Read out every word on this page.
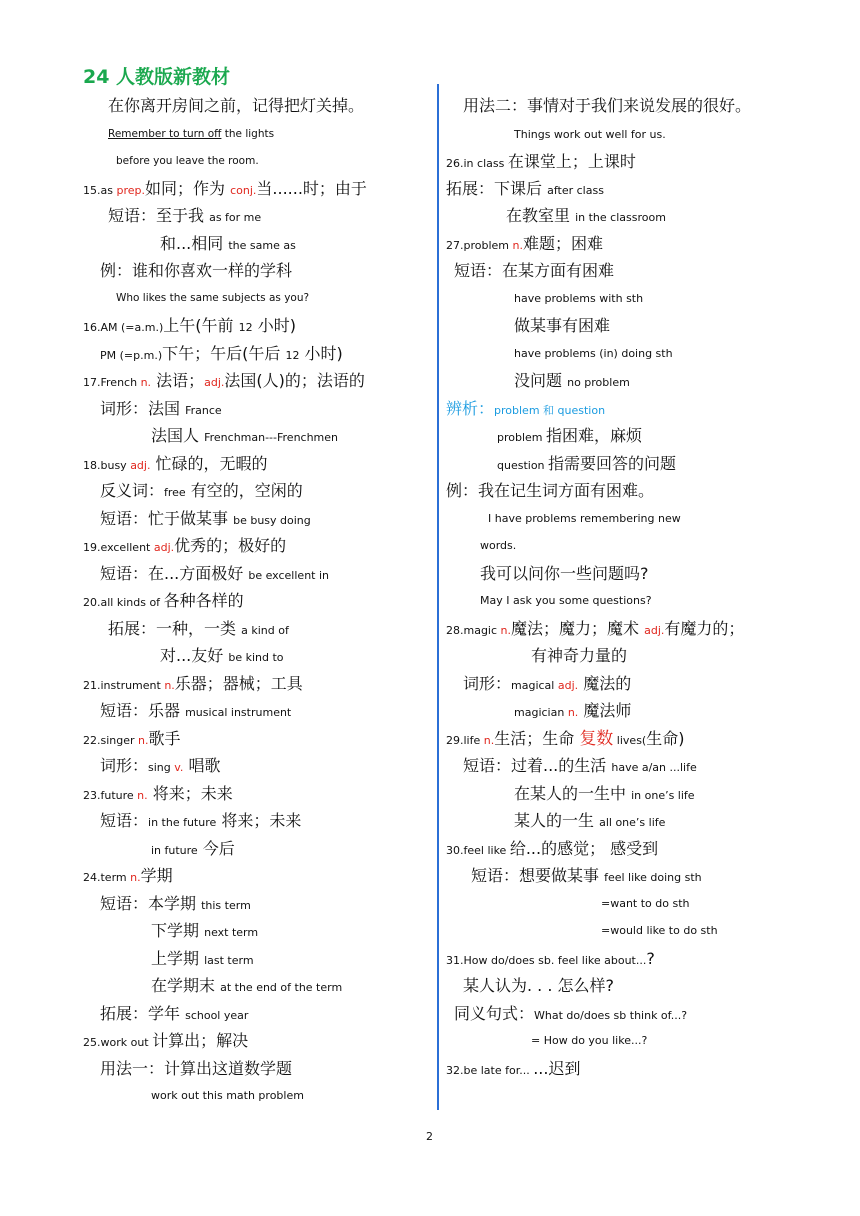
24 人教版新教材
在你离开房间之前，记得把灯关掉。
Remember to turn off the lights
before you leave the room.
15.as prep.如同；作为 conj.当......时；由于
短语：至于我 as for me
和...相同 the same as
例：谁和你喜欢一样的学科
Who likes the same subjects as you?
16.AM (=a.m.)上午(午前 12 小时)
PM (=p.m.)下午；午后(午后 12 小时)
17.French n. 法语；adj.法国(人)的；法语的
词形：法国 France
法国人 Frenchman---Frenchmen
18.busy adj. 忙碌的，无暇的
反义词：free 有空的，空闲的
短语：忙于做某事 be busy doing
19.excellent adj.优秀的；极好的
短语：在...方面极好 be excellent in
20.all kinds of 各种各样的
拓展：一种，一类 a kind of
对...友好 be kind to
21.instrument n.乐器；器械；工具
短语：乐器 musical instrument
22.singer n.歌手
词形：sing v. 唱歌
23.future n. 将来；未来
短语：in the future 将来；未来
in future 今后
24.term n.学期
短语：本学期 this term
下学期 next term
上学期 last term
在学期末 at the end of the term
拓展：学年 school year
25.work out 计算出；解决
用法一：计算出这道数学题
work out this math problem
用法二：事情对于我们来说发展的很好。
Things work out well for us.
26.in class 在课堂上；上课时
拓展：下课后 after class
在教室里 in the classroom
27.problem n.难题；困难
短语：在某方面有困难
have problems with sth
做某事有困难
have problems (in) doing sth
没问题 no problem
辨析：problem 和 question
problem 指困难，麻烦
question 指需要回答的问题
例：我在记生词方面有困难。
I have problems remembering new
words.
我可以问你一些问题吗?
May I ask you some questions?
28.magic n.魔法；魔力；魔术 adj.有魔力的；
有神奇力量的
词形：magical adj. 魔法的
magician n. 魔法师
29.life n.生活；生命 复数 lives(生命)
短语：过着...的生活 have a/an ...life
在某人的一生中 in one’s life
某人的一生 all one’s life
30.feel like 给...的感觉； 感受到
短语：想要做某事 feel like doing sth
=want to do sth
=would like to do sth
31.How do/does sb. feel like about...?
某人认为. . . 怎么样?
同义句式：What do/does sb think of...?
= How do you like...?
32.be late for... ...迟到
2
